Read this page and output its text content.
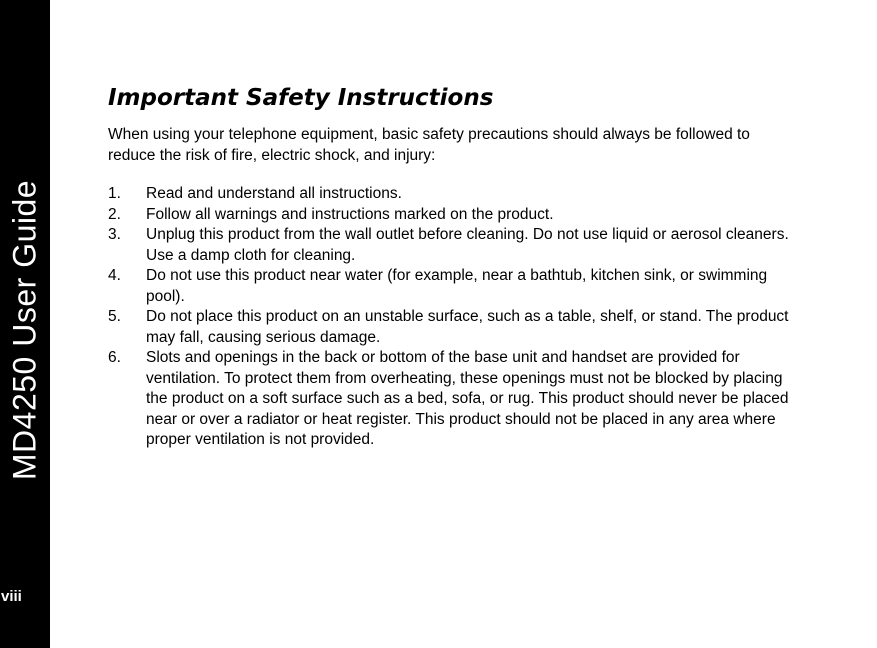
MD4250 User Guide
viii
Important Safety Instructions

When using your telephone equipment, basic safety precautions should always be followed to reduce the risk of fire, electric shock, and injury:

1. Read and understand all instructions.
2. Follow all warnings and instructions marked on the product.
3. Unplug this product from the wall outlet before cleaning. Do not use liquid or aerosol cleaners. Use a damp cloth for cleaning.
4. Do not use this product near water (for example, near a bathtub, kitchen sink, or swimming pool).
5. Do not place this product on an unstable surface, such as a table, shelf, or stand. The product may fall, causing serious damage.
6. Slots and openings in the back or bottom of the base unit and handset are provided for ventilation. To protect them from overheating, these openings must not be blocked by placing the product on a soft surface such as a bed, sofa, or rug. This product should never be placed near or over a radiator or heat register. This product should not be placed in any area where proper ventilation is not provided.
